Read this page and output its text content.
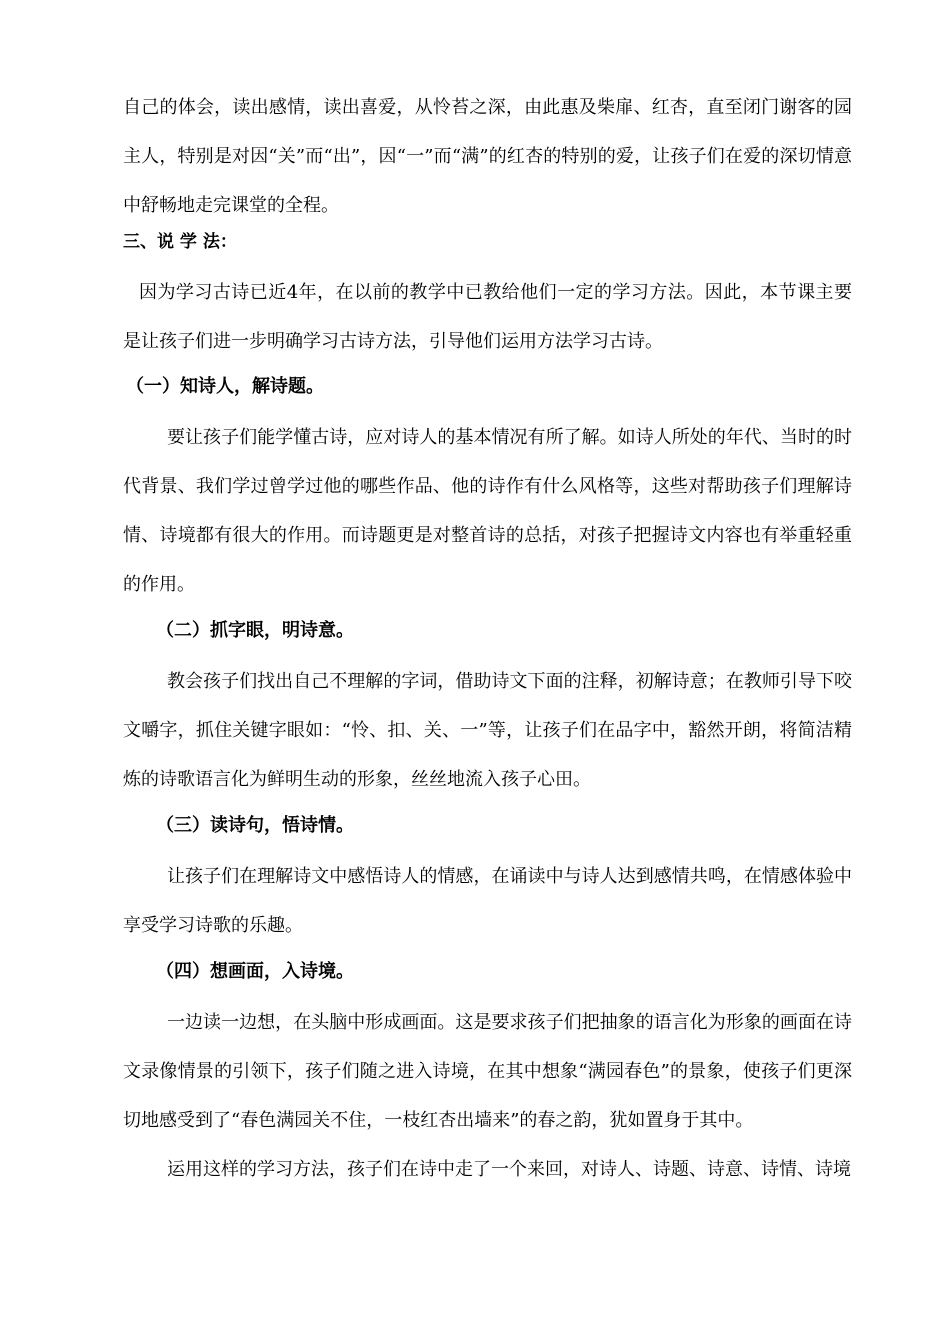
自己的体会，读出感情，读出喜爱，从怜苔之深，由此惠及柴扉、红杏，直至闭门谢客的园主人，特别是对因“关”而“出”，因“一”而“满”的红杏的特别的爱，让孩子们在爱的深切情意中舒畅地走完课堂的全程。

三、说 学 法：

因为学习古诗已近4年，在以前的教学中已教给他们一定的学习方法。因此，本节课主要是让孩子们进一步明确学习古诗方法，引导他们运用方法学习古诗。

（一）知诗人，解诗题。

要让孩子们能学懂古诗，应对诗人的基本情况有所了解。如诗人所处的年代、当时的时代背景、我们学过曾学过他的哪些作品、他的诗作有什么风格等，这些对帮助孩子们理解诗情、诗境都有很大的作用。而诗题更是对整首诗的总括，对孩子把握诗文内容也有举重轻重的作用。

（二）抓字眼，明诗意。

教会孩子们找出自己不理解的字词，借助诗文下面的注释，初解诗意；在教师引导下咬文嚼字，抓住关键字眼如：“怜、扣、关、一”等，让孩子们在品字中，豁然开朗，将简洁精炼的诗歌语言化为鲜明生动的形象，丝丝地流入孩子心田。

（三）读诗句，悟诗情。

让孩子们在理解诗文中感悟诗人的情感，在诵读中与诗人达到感情共鸣，在情感体验中享受学习诗歌的乐趣。

（四）想画面，入诗境。

一边读一边想，在头脑中形成画面。这是要求孩子们把抽象的语言化为形象的画面在诗文录像情景的引领下，孩子们随之进入诗境，在其中想象“满园春色”的景象，使孩子们更深切地感受到了“春色满园关不住，一枝红杏出墙来”的春之韵，犹如置身于其中。

运用这样的学习方法，孩子们在诗中走了一个来回，对诗人、诗题、诗意、诗情、诗境
